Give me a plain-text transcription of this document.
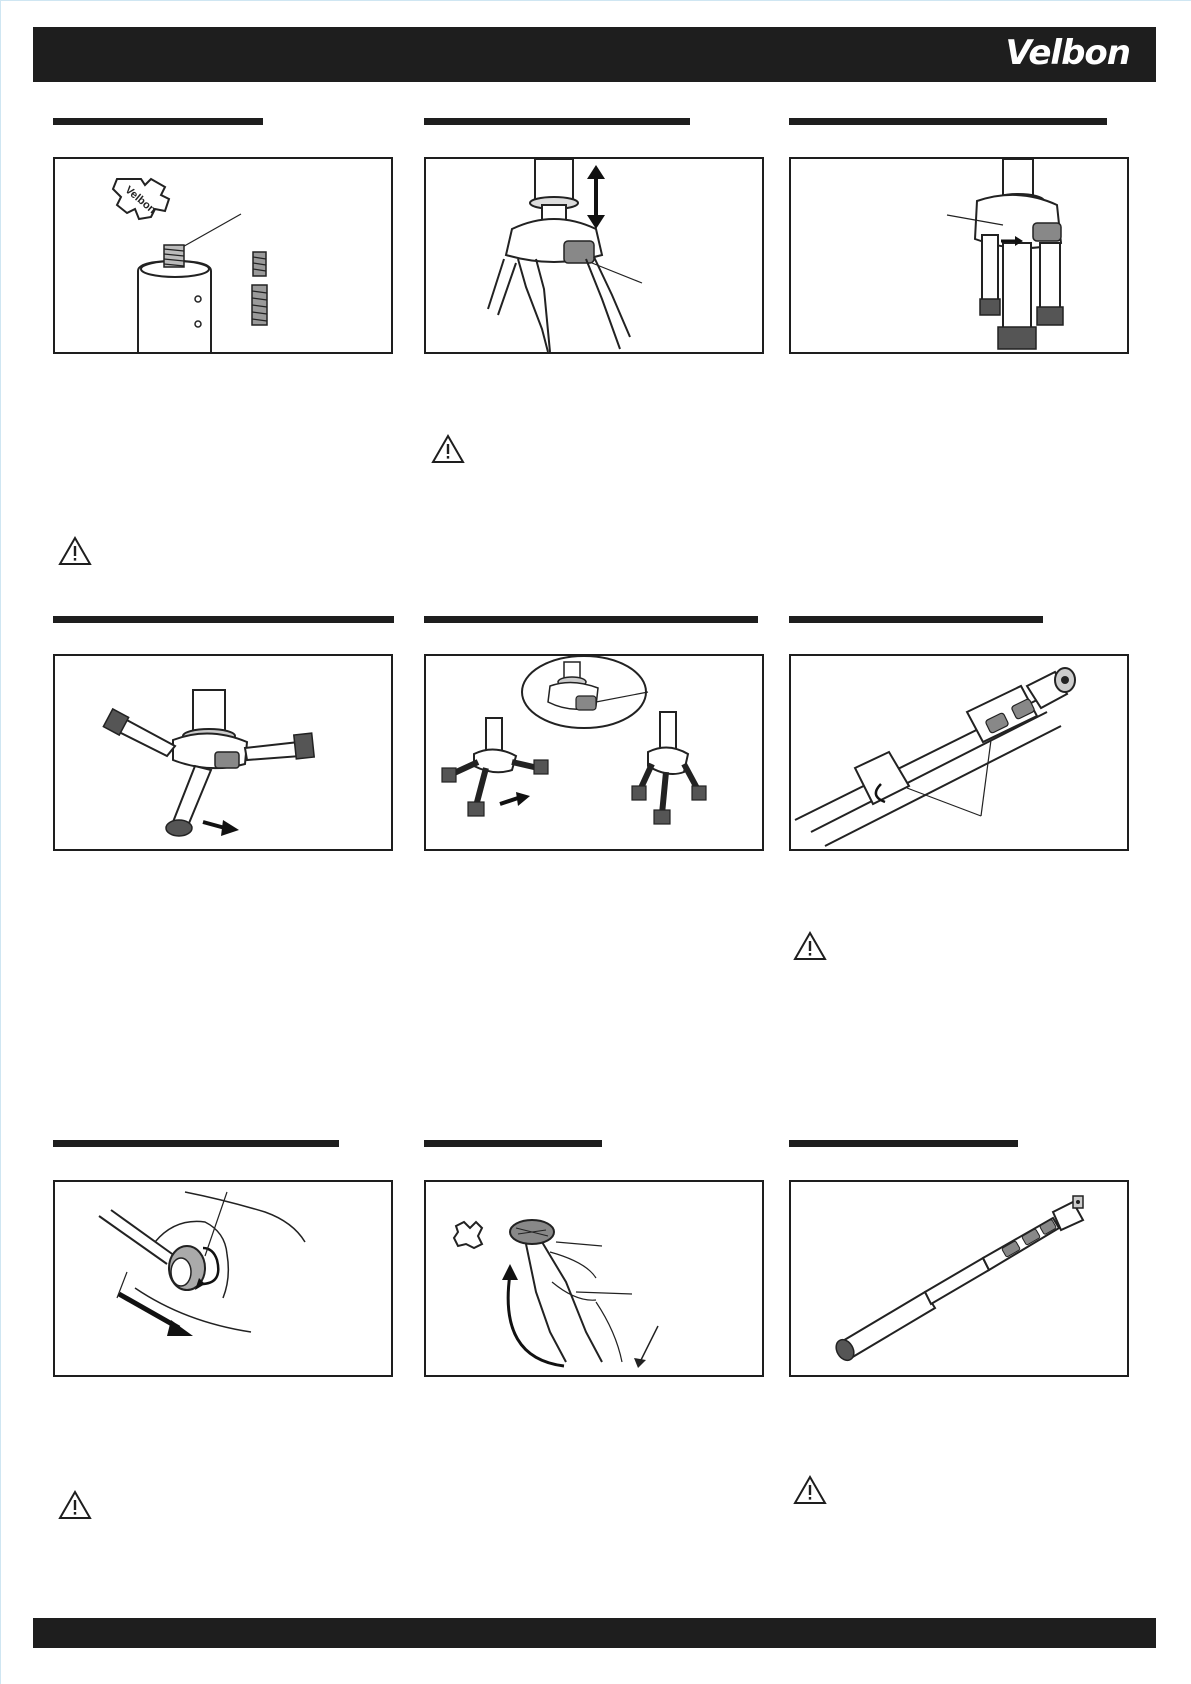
Velbon
Velbon
